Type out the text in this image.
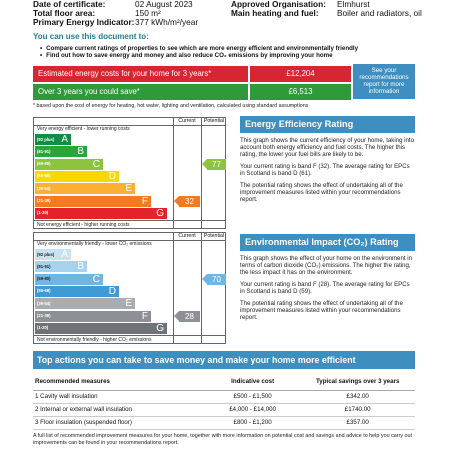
Date of certificate:	02 August 2023
Total floor area:	150 m²
Primary Energy Indicator: 377 kWh/m²/year
Approved Organisation: Elmhurst
Main heating and fuel: Boiler and radiators, oil
You can use this document to:
• Compare current ratings of properties to see which are more energy efficient and environmentally friendly
• Find out how to save energy and money and also reduce CO₂ emissions by improving your home
Estimated energy costs for your home for 3 years*	£12,204
Over 3 years you could save*	£6,513
See your recommendations report for more information
* based upon the cost of energy for heating, hot water, lighting and ventilation, calculated using standard assumptions
Current	Potential
Very energy efficient - lower running costs
Not energy efficient - higher running costs
(92 plus) A
(81-91)	B
(69-80)	C
(55-68)	D
(39-54)	E
(21-38)	F
(1-20)	G
32
77
Current	Potential
Very environmentally friendly - lower CO₂ emissions
Not environmentally friendly - higher CO₂ emissions
(92 plus) A
(81-91)	B
(69-80)	C
(55-68)	D
(39-54)	E
(21-38)	F
(1-20)	G
28
70
Energy Efficiency Rating

This graph shows the current efficiency of your home, taking into account both energy efficiency and fuel costs. The higher this rating, the lower your fuel bills are likely to be.

Your current rating is band F (32). The average rating for EPCs in Scotland is band D (61).

The potential rating shows the effect of undertaking all of the improvement measures listed within your recommendations report.

Environmental Impact (CO₂) Rating

This graph shows the effect of your home on the environment in terms of carbon dioxide (CO₂) emissions. The higher the rating, the less impact it has on the environment.

Your current rating is band F (28). The average rating for EPCs in Scotland is band D (59).

The potential rating shows the effect of undertaking all of the improvement measures listed within your recommendations report.

Top actions you can take to save money and make your home more efficient
Recommended measures	Indicative cost	Typical savings over 3 years
1 Cavity wall insulation	£500 - £1,500	£342.00
2 Internal or external wall insulation	£4,000 - £14,000	£1740.00
3 Floor insulation (suspended floor)	£800 - £1,200	£357.00
A full list of recommended improvement measures for your home, together with more information on potential cost and savings and advice to help you carry out improvements can be found in your recommendations report.
